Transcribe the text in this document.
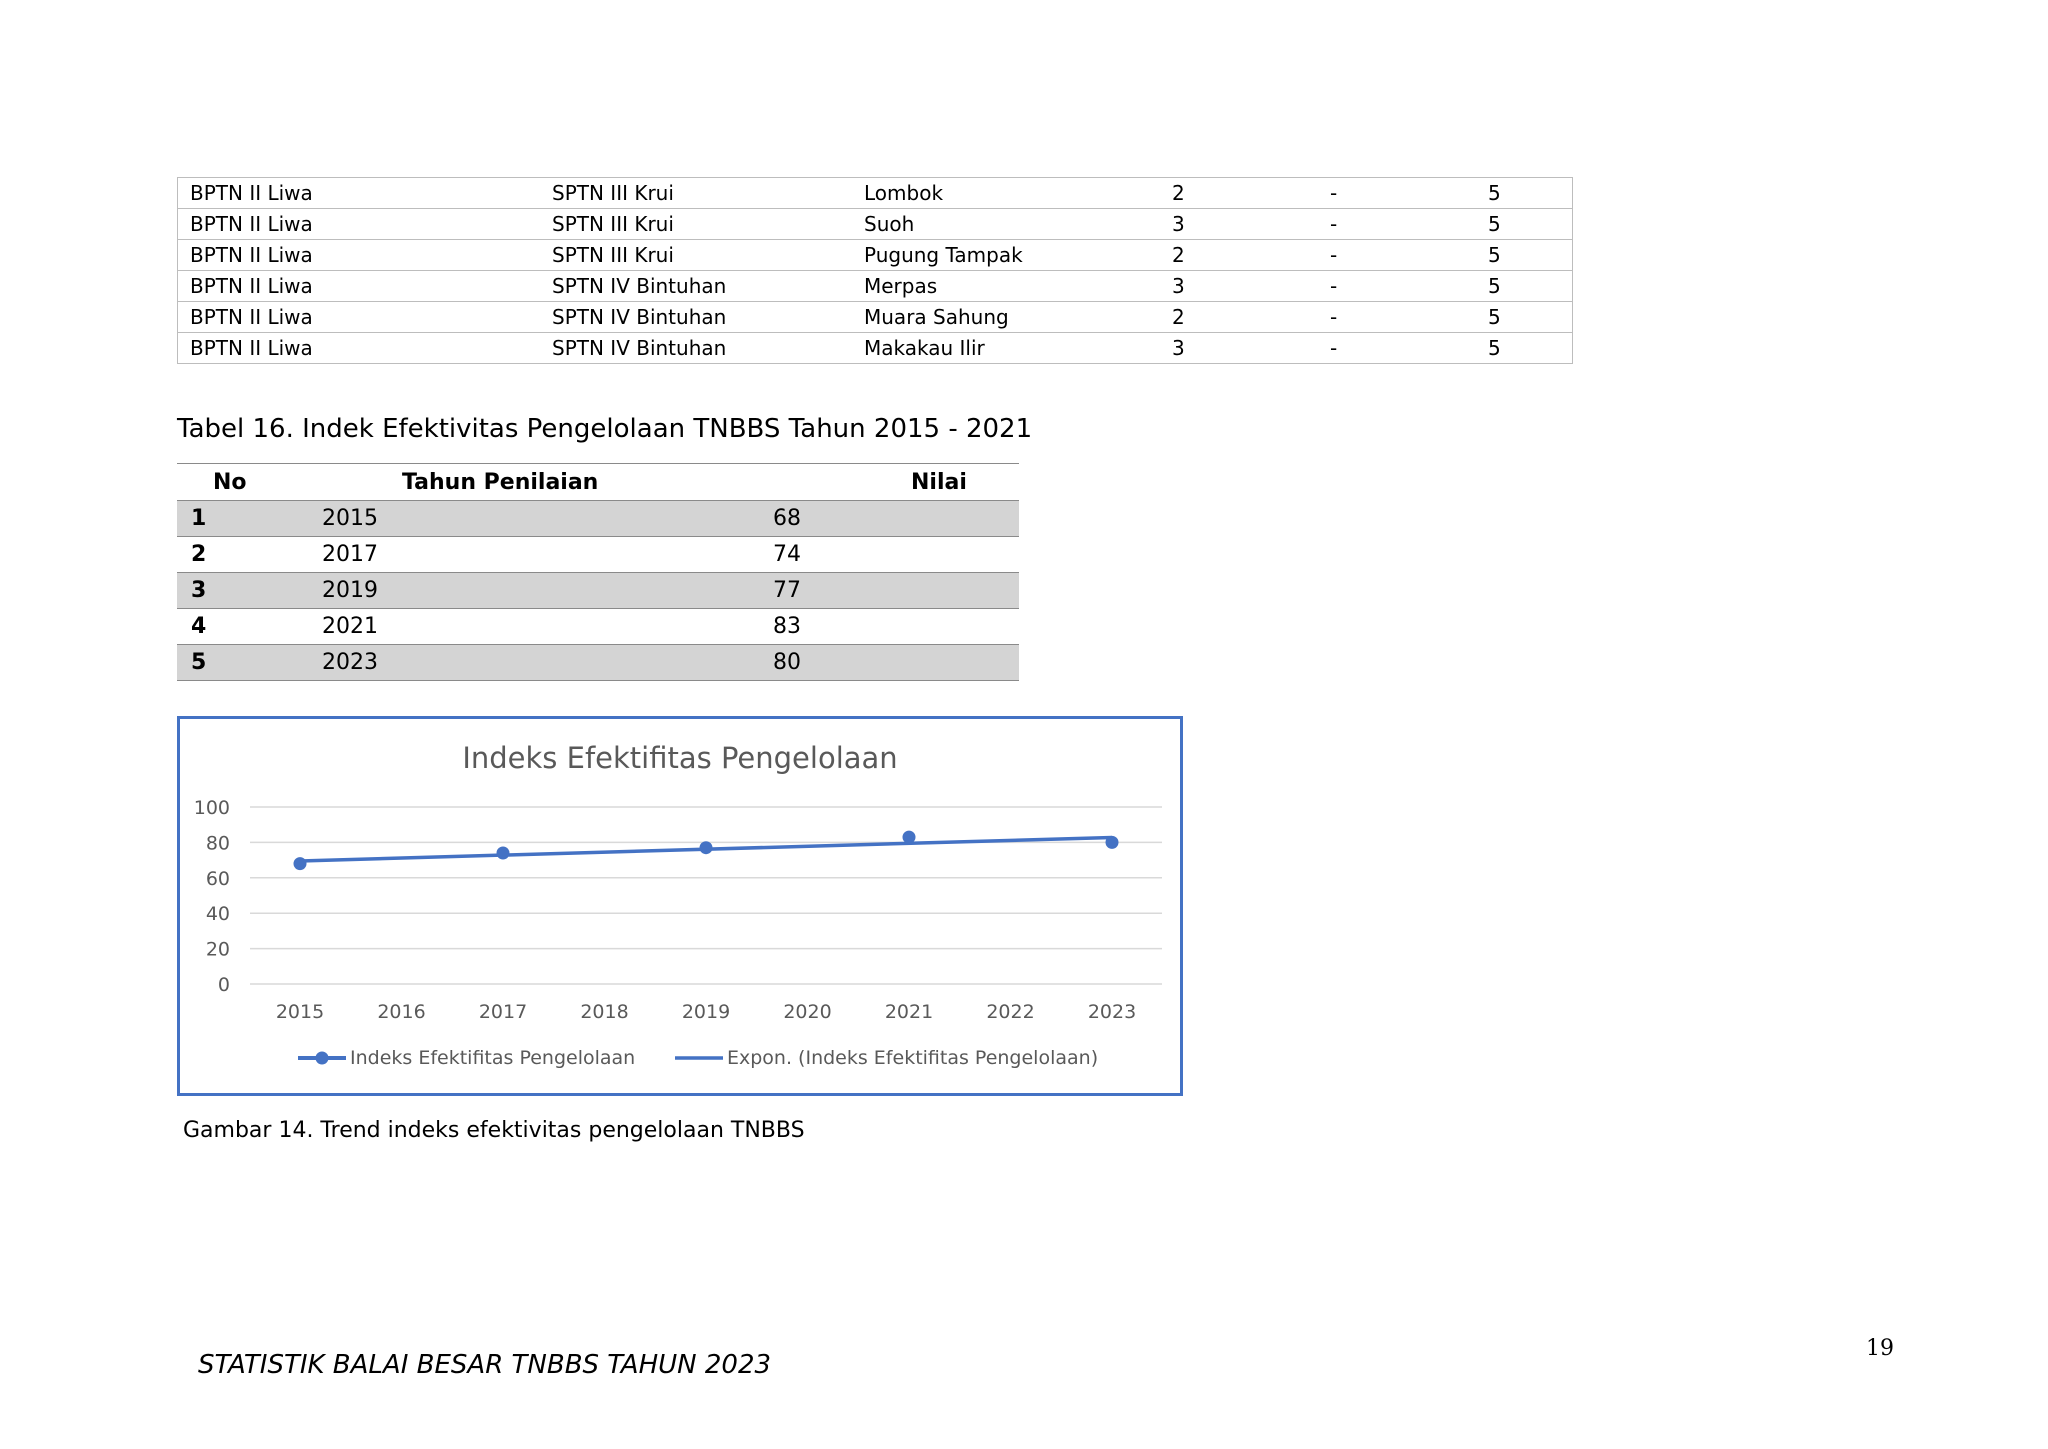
BPTN II Liwa	SPTN III Krui	Lombok	2	-	5
BPTN II Liwa	SPTN III Krui	Suoh	3	-	5
BPTN II Liwa	SPTN III Krui	Pugung Tampak	2	-	5
BPTN II Liwa	SPTN IV Bintuhan	Merpas	3	-	5
BPTN II Liwa	SPTN IV Bintuhan	Muara Sahung	2	-	5
BPTN II Liwa	SPTN IV Bintuhan	Makakau Ilir	3	-	5
Tabel 16. Indek Efektivitas Pengelolaan TNBBS Tahun 2015 - 2021
No	Tahun Penilaian	Nilai
1	2015	68
2	2017	74
3	2019	77
4	2021	83
5	2023	80
Indeks Efektifitas Pengelolaan
0
20
40
60
80
100
2015	2016	2017	2018	2019	2020	2021	2022	2023
Indeks Efektifitas Pengelolaan	Expon. (Indeks Efektifitas Pengelolaan)
Gambar 14. Trend indeks efektivitas pengelolaan TNBBS
STATISTIK BALAI BESAR TNBBS TAHUN 2023
19
